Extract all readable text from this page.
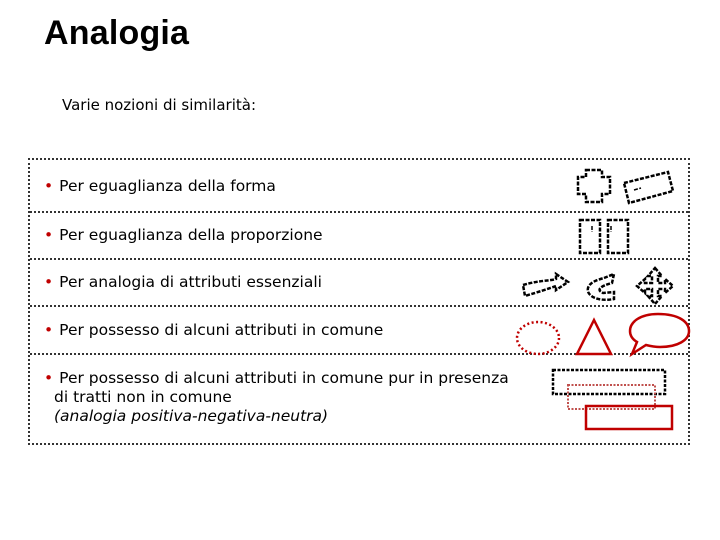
Analogia
Varie nozioni di similarità:
• Per eguaglianza della forma
• Per eguaglianza della proporzione
• Per analogia di attributi essenziali
• Per possesso di alcuni attributi in comune
• Per possesso di alcuni attributi in comune pur in presenza
di tratti non in comune
(analogia positiva-negativa-neutra)
